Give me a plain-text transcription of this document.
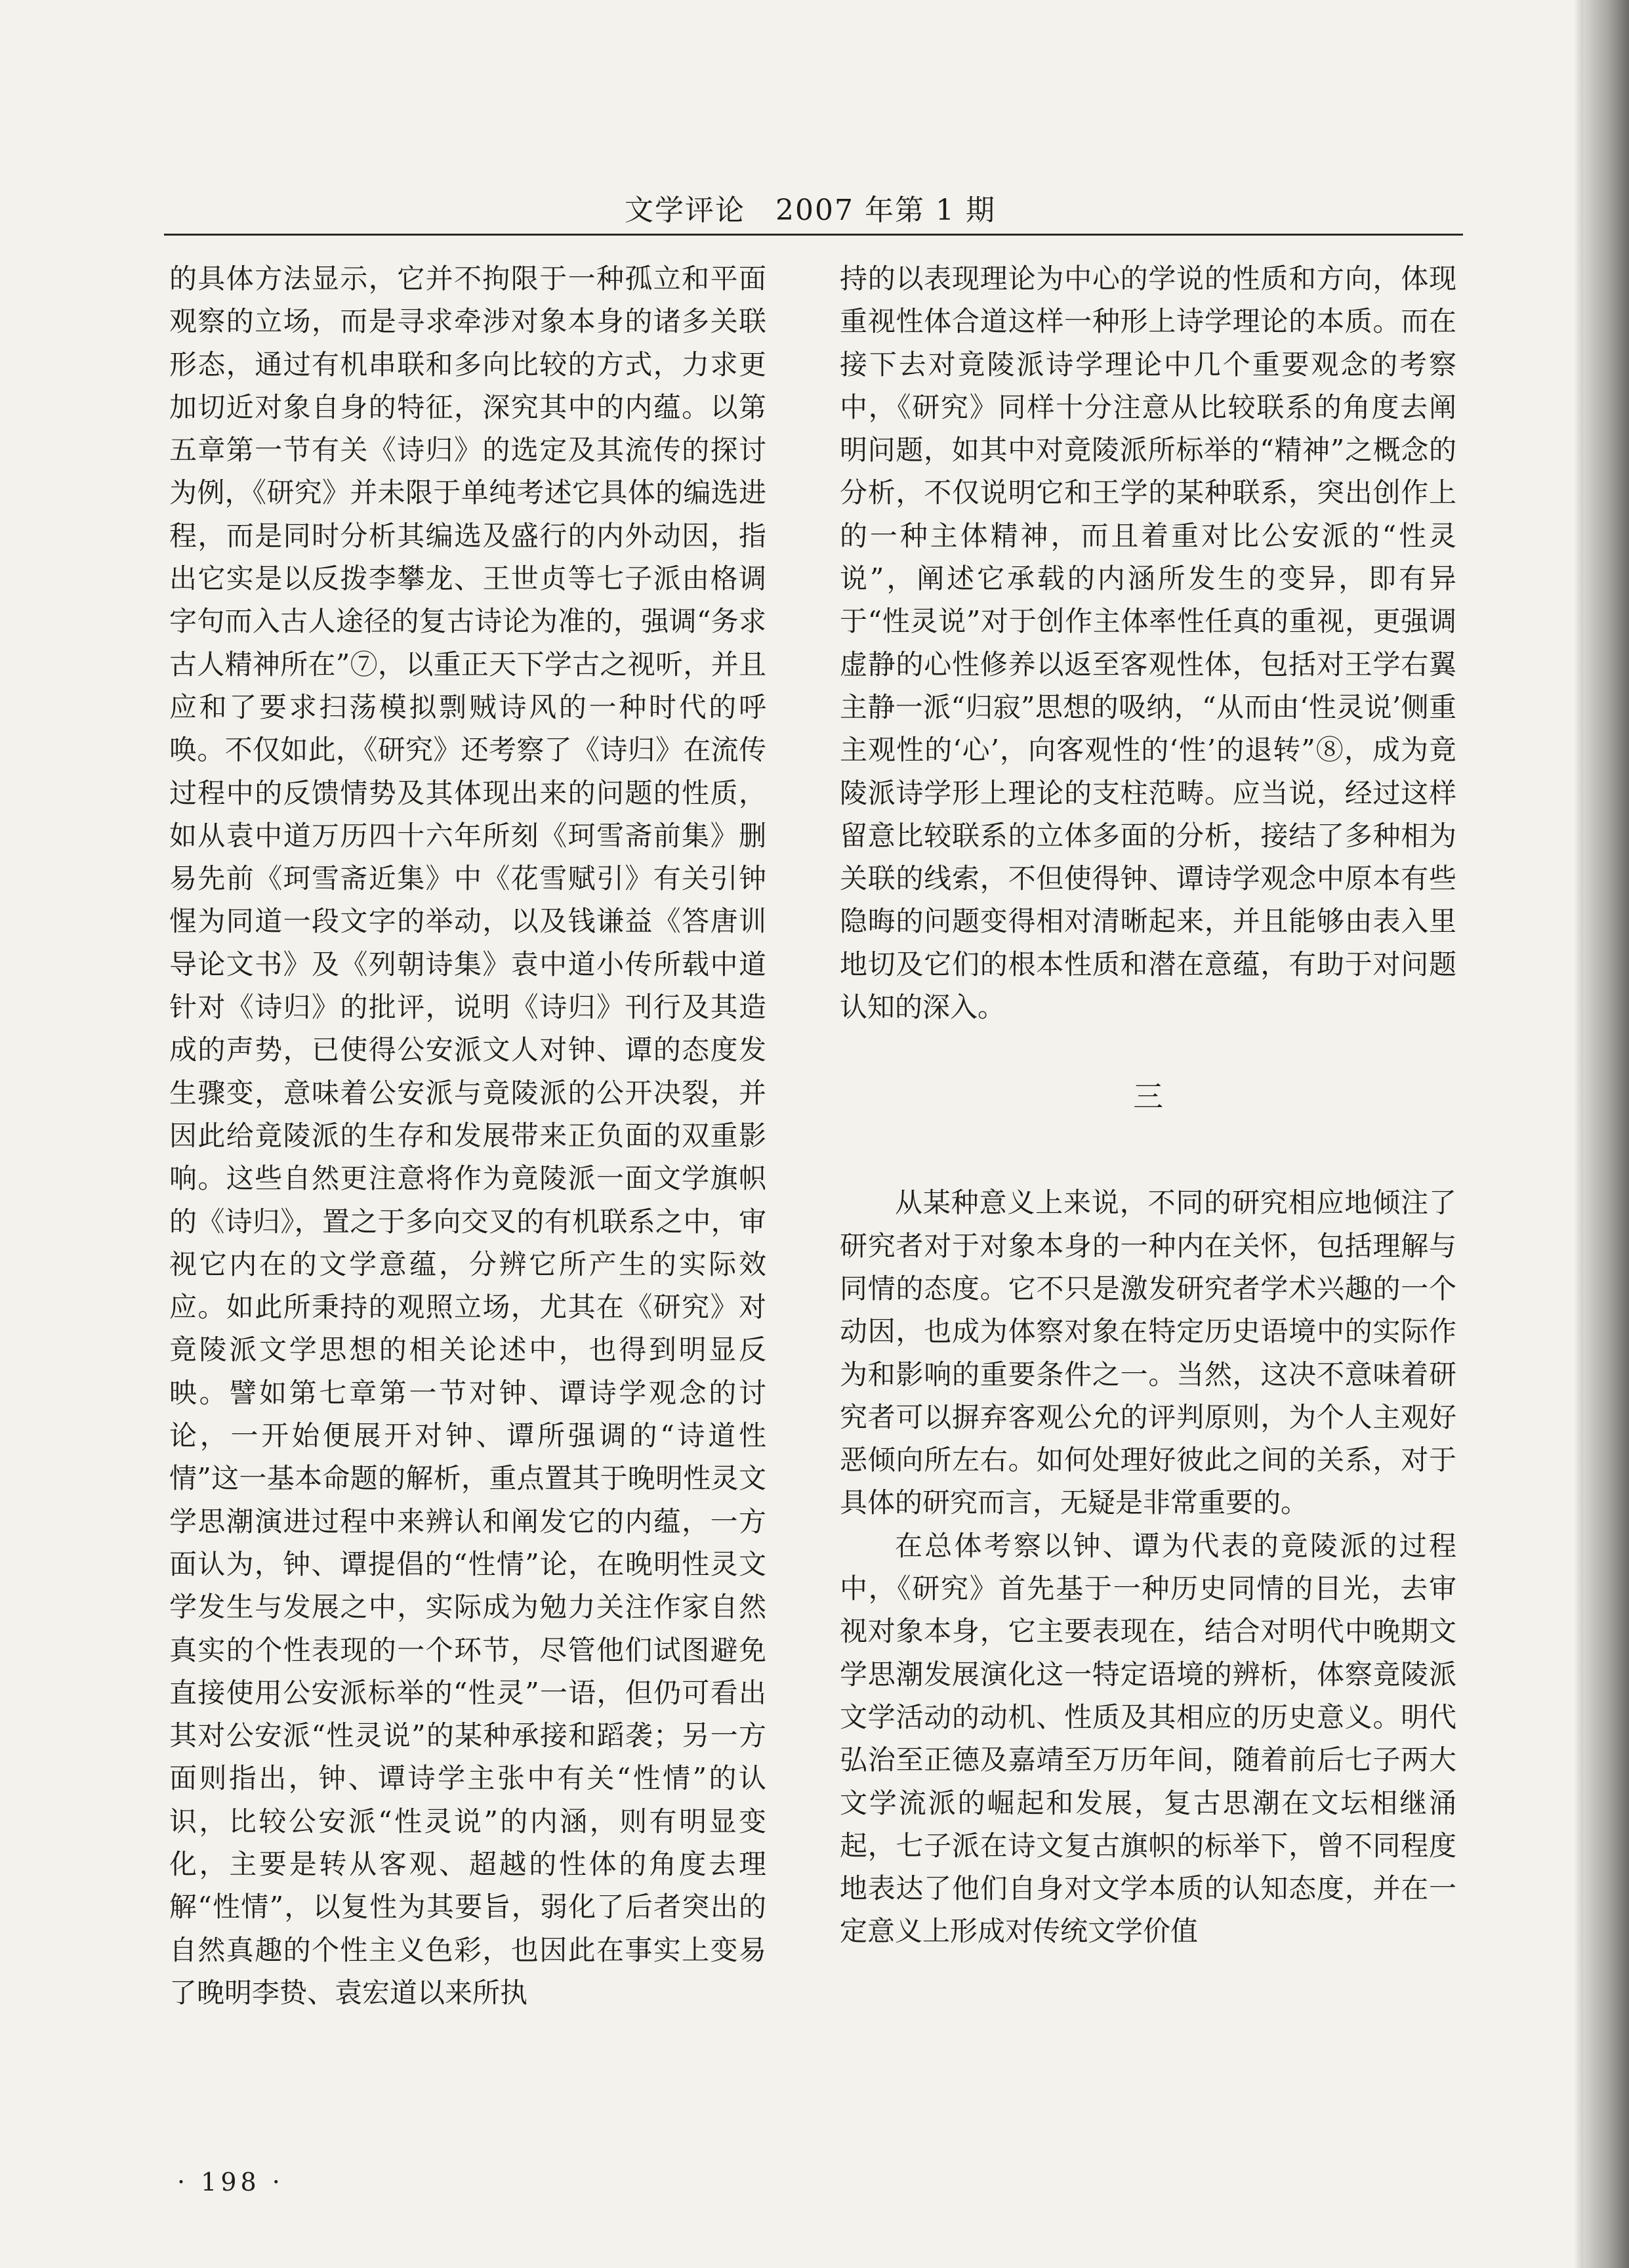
文学评论　2007 年第 1 期

的具体方法显示，它并不拘限于一种孤立和平面观察的立场，而是寻求牵涉对象本身的诸多关联形态，通过有机串联和多向比较的方式，力求更加切近对象自身的特征，深究其中的内蕴。以第五章第一节有关《诗归》的选定及其流传的探讨为例，《研究》并未限于单纯考述它具体的编选进程，而是同时分析其编选及盛行的内外动因，指出它实是以反拨李攀龙、王世贞等七子派由格调字句而入古人途径的复古诗论为准的，强调“务求古人精神所在”⑦，以重正天下学古之视听，并且应和了要求扫荡模拟剽贼诗风的一种时代的呼唤。不仅如此，《研究》还考察了《诗归》在流传过程中的反馈情势及其体现出来的问题的性质，如从袁中道万历四十六年所刻《珂雪斋前集》删易先前《珂雪斋近集》中《花雪赋引》有关引钟惺为同道一段文字的举动，以及钱谦益《答唐训导论文书》及《列朝诗集》袁中道小传所载中道针对《诗归》的批评，说明《诗归》刊行及其造成的声势，已使得公安派文人对钟、谭的态度发生骤变，意味着公安派与竟陵派的公开决裂，并因此给竟陵派的生存和发展带来正负面的双重影响。这些自然更注意将作为竟陵派一面文学旗帜的《诗归》，置之于多向交叉的有机联系之中，审视它内在的文学意蕴，分辨它所产生的实际效应。如此所秉持的观照立场，尤其在《研究》对竟陵派文学思想的相关论述中，也得到明显反映。譬如第七章第一节对钟、谭诗学观念的讨论，一开始便展开对钟、谭所强调的“诗道性情”这一基本命题的解析，重点置其于晚明性灵文学思潮演进过程中来辨认和阐发它的内蕴，一方面认为，钟、谭提倡的“性情”论，在晚明性灵文学发生与发展之中，实际成为勉力关注作家自然真实的个性表现的一个环节，尽管他们试图避免直接使用公安派标举的“性灵”一语，但仍可看出其对公安派“性灵说”的某种承接和蹈袭；另一方面则指出，钟、谭诗学主张中有关“性情”的认识，比较公安派“性灵说”的内涵，则有明显变化，主要是转从客观、超越的性体的角度去理解“性情”，以复性为其要旨，弱化了后者突出的自然真趣的个性主义色彩，也因此在事实上变易了晚明李贽、袁宏道以来所执

持的以表现理论为中心的学说的性质和方向，体现重视性体合道这样一种形上诗学理论的本质。而在接下去对竟陵派诗学理论中几个重要观念的考察中，《研究》同样十分注意从比较联系的角度去阐明问题，如其中对竟陵派所标举的“精神”之概念的分析，不仅说明它和王学的某种联系，突出创作上的一种主体精神，而且着重对比公安派的“性灵说”，阐述它承载的内涵所发生的变异，即有异于“性灵说”对于创作主体率性任真的重视，更强调虚静的心性修养以返至客观性体，包括对王学右翼主静一派“归寂”思想的吸纳，“从而由‘性灵说’侧重主观性的‘心’，向客观性的‘性’的退转”⑧，成为竟陵派诗学形上理论的支柱范畴。应当说，经过这样留意比较联系的立体多面的分析，接结了多种相为关联的线索，不但使得钟、谭诗学观念中原本有些隐晦的问题变得相对清晰起来，并且能够由表入里地切及它们的根本性质和潜在意蕴，有助于对问题认知的深入。

三

从某种意义上来说，不同的研究相应地倾注了研究者对于对象本身的一种内在关怀，包括理解与同情的态度。它不只是激发研究者学术兴趣的一个动因，也成为体察对象在特定历史语境中的实际作为和影响的重要条件之一。当然，这决不意味着研究者可以摒弃客观公允的评判原则，为个人主观好恶倾向所左右。如何处理好彼此之间的关系，对于具体的研究而言，无疑是非常重要的。

在总体考察以钟、谭为代表的竟陵派的过程中，《研究》首先基于一种历史同情的目光，去审视对象本身，它主要表现在，结合对明代中晚期文学思潮发展演化这一特定语境的辨析，体察竟陵派文学活动的动机、性质及其相应的历史意义。明代弘治至正德及嘉靖至万历年间，随着前后七子两大文学流派的崛起和发展，复古思潮在文坛相继涌起，七子派在诗文复古旗帜的标举下，曾不同程度地表达了他们自身对文学本质的认知态度，并在一定意义上形成对传统文学价值

· 198 ·
